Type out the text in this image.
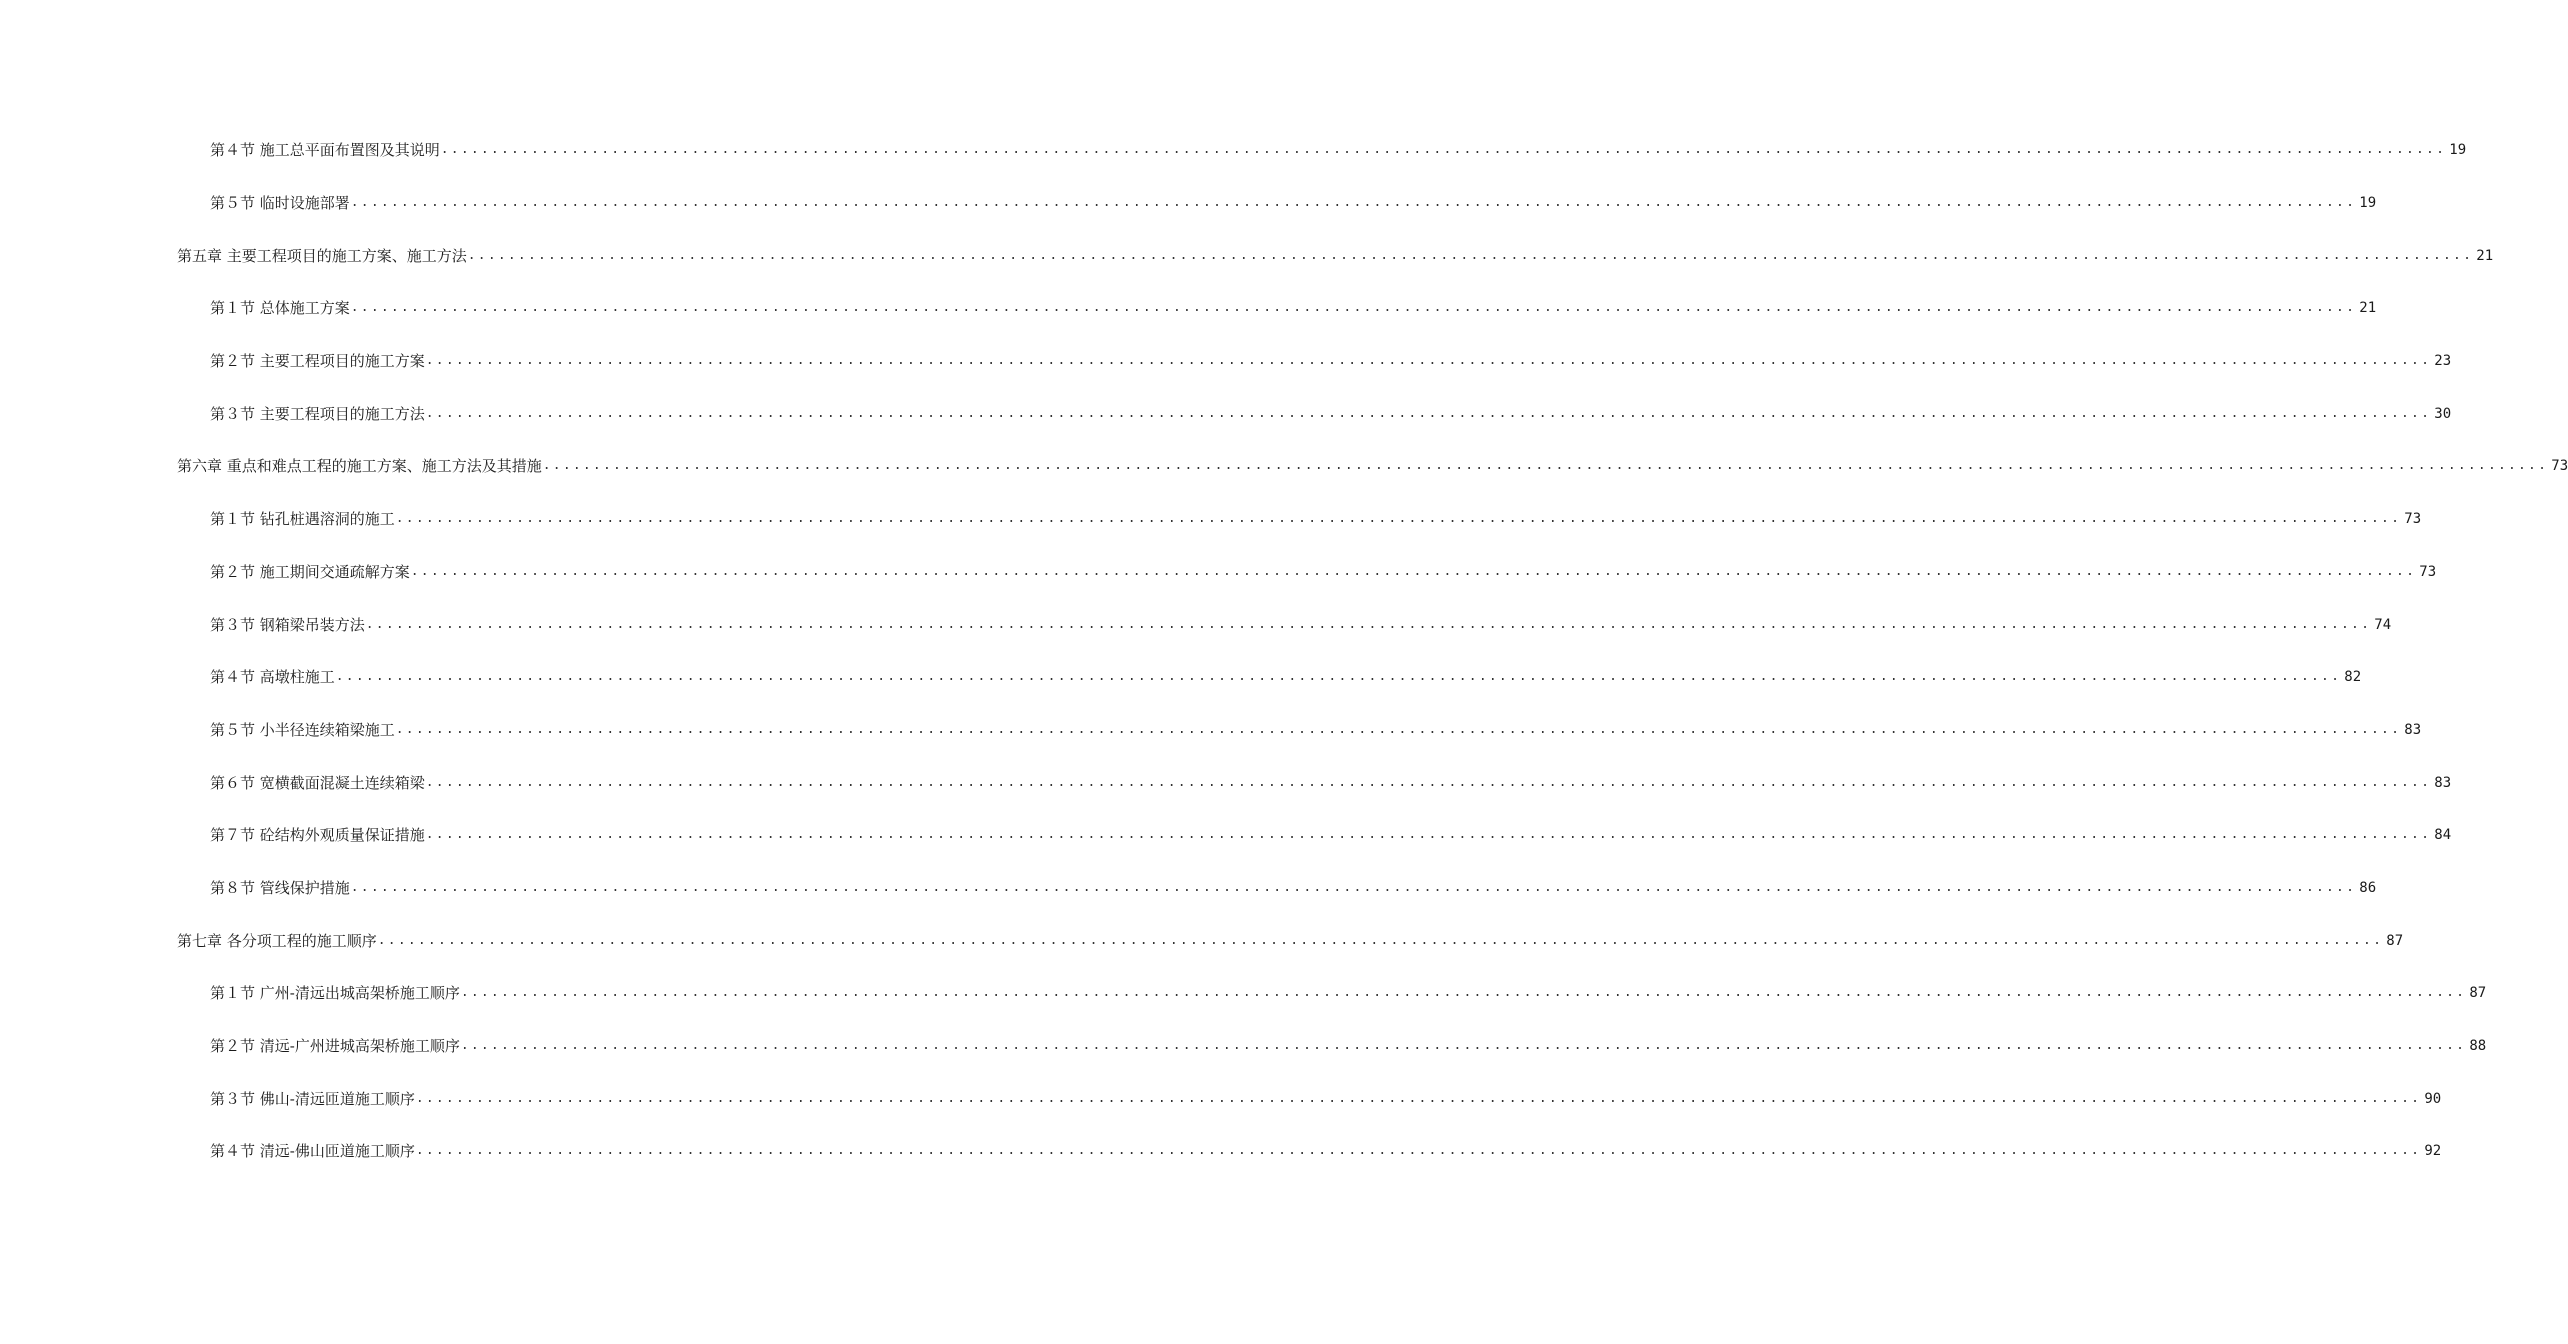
第４节 施工总平面布置图及其说明 ........................................................................................................................................................................................................ 19
第５节 临时设施部署 ........................................................................................................................................................................................................ 19
第五章 主要工程项目的施工方案、施工方法 ........................................................................................................................................................................................................ 21
第１节 总体施工方案 ........................................................................................................................................................................................................ 21
第２节 主要工程项目的施工方案 ........................................................................................................................................................................................................ 23
第３节 主要工程项目的施工方法 ........................................................................................................................................................................................................ 30
第六章 重点和难点工程的施工方案、施工方法及其措施 ........................................................................................................................................................................................................ 73
第１节 钻孔桩遇溶洞的施工 ........................................................................................................................................................................................................ 73
第２节 施工期间交通疏解方案 ........................................................................................................................................................................................................ 73
第３节 钢箱梁吊装方法 ........................................................................................................................................................................................................ 74
第４节 高墩柱施工 ........................................................................................................................................................................................................ 82
第５节 小半径连续箱梁施工 ........................................................................................................................................................................................................ 83
第６节 宽横截面混凝土连续箱梁 ........................................................................................................................................................................................................ 83
第７节 砼结构外观质量保证措施 ........................................................................................................................................................................................................ 84
第８节 管线保护措施 ........................................................................................................................................................................................................ 86
第七章 各分项工程的施工顺序 ........................................................................................................................................................................................................ 87
第１节 广州-清远出城高架桥施工顺序 ........................................................................................................................................................................................................ 87
第２节 清远-广州进城高架桥施工顺序 ........................................................................................................................................................................................................ 88
第３节 佛山-清远匝道施工顺序 ........................................................................................................................................................................................................ 90
第４节 清远-佛山匝道施工顺序 ........................................................................................................................................................................................................ 92
